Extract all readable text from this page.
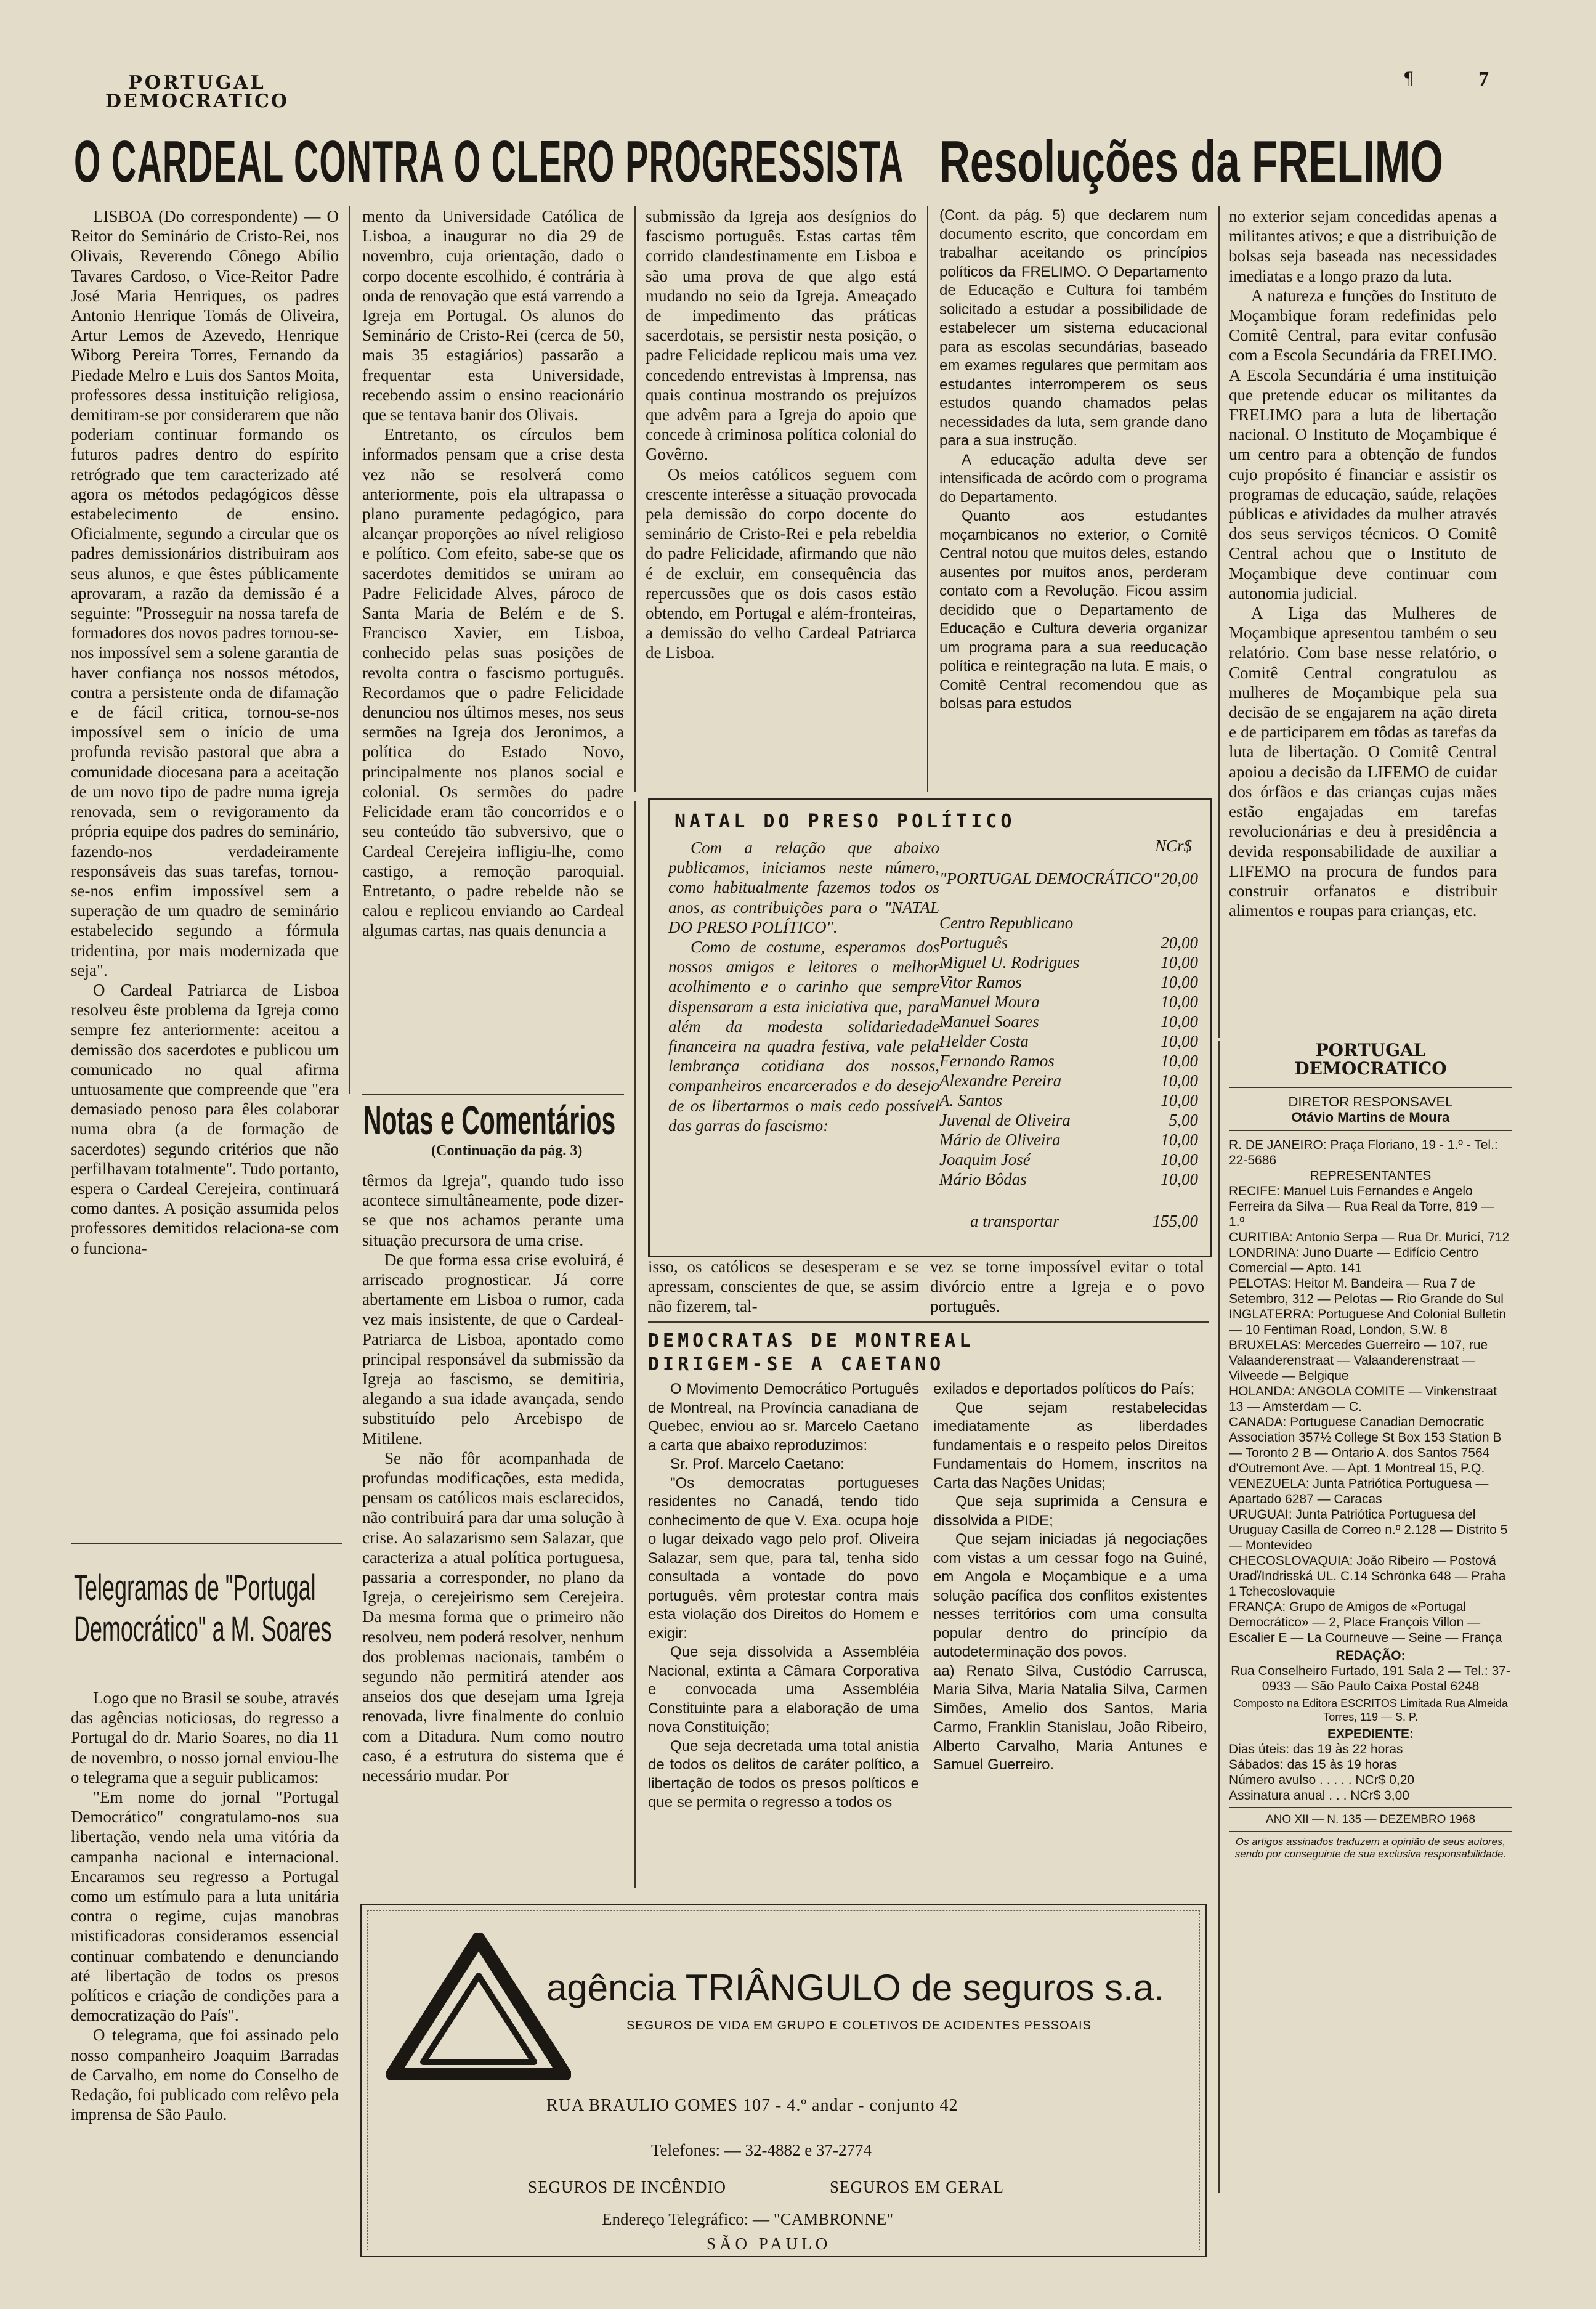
PORTUGAL
DEMOCRATICO
¶	7
O CARDEAL CONTRA O CLERO PROGRESSISTA Resoluções da FRELIMO

LISBOA (Do correspondente) — O Reitor do Seminário de Cristo-Rei, nos Olivais, Reverendo Cônego Abílio Tavares Cardoso, o Vice-Reitor Padre José Maria Henriques, os padres Antonio Henrique Tomás de Oliveira, Artur Lemos de Azevedo, Henrique Wiborg Pereira Torres, Fernando da Piedade Melro e Luis dos Santos Moita, professores dessa instituição religiosa, demitiram-se por considerarem que não poderiam continuar formando os futuros padres dentro do espírito retrógrado que tem caracterizado até agora os métodos pedagógicos dêsse estabelecimento de ensino. Oficialmente, segundo a circular que os padres demissionários distribuiram aos seus alunos, e que êstes públicamente aprovaram, a razão da demissão é a seguinte: "Prosseguir na nossa tarefa de formadores dos novos padres tornou-se-nos impossível sem a solene garantia de haver confiança nos nossos métodos, contra a persistente onda de difamação e de fácil critica, tornou-se-nos impossível sem o início de uma profunda revisão pastoral que abra a comunidade diocesana para a aceitação de um novo tipo de padre numa igreja renovada, sem o revigoramento da própria equipe dos padres do seminário, fazendo-nos verdadeiramente responsáveis das suas tarefas, tornou-se-nos enfim impossível sem a superação de um quadro de seminário estabelecido segundo a fórmula tridentina, por mais modernizada que seja".

O Cardeal Patriarca de Lisboa resolveu êste problema da Igreja como sempre fez anteriormente: aceitou a demissão dos sacerdotes e publicou um comunicado no qual afirma untuosamente que compreende que "era demasiado penoso para êles colaborar numa obra (a de formação de sacerdotes) segundo critérios que não perfilhavam totalmente". Tudo portanto, espera o Cardeal Cerejeira, continuará como dantes. A posição assumida pelos professores demitidos relaciona-se com o funciona-

mento da Universidade Católica de Lisboa, a inaugurar no dia 29 de novembro, cuja orientação, dado o corpo docente escolhido, é contrária à onda de renovação que está varrendo a Igreja em Portugal. Os alunos do Seminário de Cristo-Rei (cerca de 50, mais 35 estagiários) passarão a frequentar esta Universidade, recebendo assim o ensino reacionário que se tentava banir dos Olivais.

Entretanto, os círculos bem informados pensam que a crise desta vez não se resolverá como anteriormente, pois ela ultrapassa o plano puramente pedagógico, para alcançar proporções ao nível religioso e político. Com efeito, sabe-se que os sacerdotes demitidos se uniram ao Padre Felicidade Alves, pároco de Santa Maria de Belém e de S. Francisco Xavier, em Lisboa, conhecido pelas suas posições de revolta contra o fascismo português. Recordamos que o padre Felicidade denunciou nos últimos meses, nos seus sermões na Igreja dos Jeronimos, a política do Estado Novo, principalmente nos planos social e colonial. Os sermões do padre Felicidade eram tão concorridos e o seu conteúdo tão subversivo, que o Cardeal Cerejeira infligiu-lhe, como castigo, a remoção paroquial. Entretanto, o padre rebelde não se calou e replicou enviando ao Cardeal algumas cartas, nas quais denuncia a

submissão da Igreja aos desígnios do fascismo português. Estas cartas têm corrido clandestinamente em Lisboa e são uma prova de que algo está mudando no seio da Igreja. Ameaçado de impedimento das práticas sacerdotais, se persistir nesta posição, o padre Felicidade replicou mais uma vez concedendo entrevistas à Imprensa, nas quais continua mostrando os prejuízos que advêm para a Igreja do apoio que concede à criminosa política colonial do Govêrno.

Os meios católicos seguem com crescente interêsse a situação provocada pela demissão do corpo docente do seminário de Cristo-Rei e pela rebeldia do padre Felicidade, afirmando que não é de excluir, em consequência das repercussões que os dois casos estão obtendo, em Portugal e além-fronteiras, a demissão do velho Cardeal Patriarca de Lisboa.

(Cont. da pág. 5) que declarem num documento escrito, que concordam em trabalhar aceitando os princípios políticos da FRELIMO. O Departamento de Educação e Cultura foi também solicitado a estudar a possibilidade de estabelecer um sistema educacional para as escolas secundárias, baseado em exames regulares que permitam aos estudantes interromperem os seus estudos quando chamados pelas necessidades da luta, sem grande dano para a sua instrução.

A educação adulta deve ser intensificada de acôrdo com o programa do Departamento.

Quanto aos estudantes moçambicanos no exterior, o Comitê Central notou que muitos deles, estando ausentes por muitos anos, perderam contato com a Revolução. Ficou assim decidido que o Departamento de Educação e Cultura deveria organizar um programa para a sua reeducação política e reintegração na luta. E mais, o Comitê Central recomendou que as bolsas para estudos

no exterior sejam concedidas apenas a militantes ativos; e que a distribuição de bolsas seja baseada nas necessidades imediatas e a longo prazo da luta.

A natureza e funções do Instituto de Moçambique foram redefinidas pelo Comitê Central, para evitar confusão com a Escola Secundária da FRELIMO. A Escola Secundária é uma instituição que pretende educar os militantes da FRELIMO para a luta de libertação nacional. O Instituto de Moçambique é um centro para a obtenção de fundos cujo propósito é financiar e assistir os programas de educação, saúde, relações públicas e atividades da mulher através dos seus serviços técnicos. O Comitê Central achou que o Instituto de Moçambique deve continuar com autonomia judicial.

A Liga das Mulheres de Moçambique apresentou também o seu relatório. Com base nesse relatório, o Comitê Central congratulou as mulheres de Moçambique pela sua decisão de se engajarem na ação direta e de participarem em tôdas as tarefas da luta de libertação. O Comitê Central apoiou a decisão da LIFEMO de cuidar dos órfãos e das crianças cujas mães estão engajadas em tarefas revolucionárias e deu à presidência a devida responsabilidade de auxiliar a LIFEMO na procura de fundos para construir orfanatos e distribuir alimentos e roupas para crianças, etc.

NATAL DO PRESO POLÍTICO
NCr$

Com a relação que abaixo publicamos, iniciamos neste número, como habitualmente fazemos todos os anos, as contribuições para o "NATAL DO PRESO POLÍTICO".

Como de costume, esperamos dos nossos amigos e leitores o melhor acolhimento e o carinho que sempre dispensaram a esta iniciativa que, para além da modesta solidariedade financeira na quadra festiva, vale pela lembrança cotidiana dos nossos, companheiros encarcerados e do desejo de os libertarmos o mais cedo possível das garras do fascismo:

"PORTUGAL DEMOCRÁTICO" 20,00
Centro Republicano Português	20,00
Miguel U. Rodrigues	10,00
Vitor Ramos	10,00
Manuel Moura	10,00
Manuel Soares	10,00
Helder Costa	10,00
Fernando Ramos	10,00
Alexandre Pereira	10,00
A. Santos	10,00
Juvenal de Oliveira	5,00
Mário de Oliveira	10,00
Joaquim José	10,00
Mário Bôdas	10,00
a transportar	155,00
Notas e Comentários
(Continuação da pág. 3)

têrmos da Igreja", quando tudo isso acontece simultâneamente, pode dizer-se que nos achamos perante uma situação precursora de uma crise.

De que forma essa crise evoluirá, é arriscado prognosticar. Já corre abertamente em Lisboa o rumor, cada vez mais insistente, de que o Cardeal-Patriarca de Lisboa, apontado como principal responsável da submissão da Igreja ao fascismo, se demitiria, alegando a sua idade avançada, sendo substituído pelo Arcebispo de Mitilene.

Se não fôr acompanhada de profundas modificações, esta medida, pensam os católicos mais esclarecidos, não contribuirá para dar uma solução à crise. Ao salazarismo sem Salazar, que caracteriza a atual política portuguesa, passaria a corresponder, no plano da Igreja, o cerejeirismo sem Cerejeira. Da mesma forma que o primeiro não resolveu, nem poderá resolver, nenhum dos problemas nacionais, também o segundo não permitirá atender aos anseios dos que desejam uma Igreja renovada, livre finalmente do conluio com a Ditadura. Num como noutro caso, é a estrutura do sistema que é necessário mudar. Por

isso, os católicos se desesperam e se apressam, conscientes de que, se assim não fizerem, tal-
vez se torne impossível evitar o total divórcio entre a Igreja e o povo português.
DEMOCRATAS DE MONTREAL DIRIGEM-SE A CAETANO

O Movimento Democrático Português de Montreal, na Província canadiana de Quebec, enviou ao sr. Marcelo Caetano a carta que abaixo reproduzimos:

Sr. Prof. Marcelo Caetano:

"Os democratas portugueses residentes no Canadá, tendo tido conhecimento de que V. Exa. ocupa hoje o lugar deixado vago pelo prof. Oliveira Salazar, sem que, para tal, tenha sido consultada a vontade do povo português, vêm protestar contra mais esta violação dos Direitos do Homem e exigir:

Que seja dissolvida a Assembléia Nacional, extinta a Câmara Corporativa e convocada uma Assembléia Constituinte para a elaboração de uma nova Constituição;

Que seja decretada uma total anistia de todos os delitos de caráter político, a libertação de todos os presos políticos e que se permita o regresso a todos os

exilados e deportados políticos do País;

Que sejam restabelecidas imediatamente as liberdades fundamentais e o respeito pelos Direitos Fundamentais do Homem, inscritos na Carta das Nações Unidas;

Que seja suprimida a Censura e dissolvida a PIDE;

Que sejam iniciadas já negociações com vistas a um cessar fogo na Guiné, em Angola e Moçambique e a uma solução pacífica dos conflitos existentes nesses territórios com uma consulta popular dentro do princípio da autodeterminação dos povos.

aa) Renato Silva, Custódio Carrusca, Maria Silva, Maria Natalia Silva, Carmen Simões, Amelio dos Santos, Maria Carmo, Franklin Stanislau, João Ribeiro, Alberto Carvalho, Maria Antunes e Samuel Guerreiro.

Telegramas de "Portugal
Democrático" a M. Soares

Logo que no Brasil se soube, através das agências noticiosas, do regresso a Portugal do dr. Mario Soares, no dia 11 de novembro, o nosso jornal enviou-lhe o telegrama que a seguir publicamos:

"Em nome do jornal "Portugal Democrático" congratulamo-nos sua libertação, vendo nela uma vitória da campanha nacional e internacional. Encaramos seu regresso a Portugal como um estímulo para a luta unitária contra o regime, cujas manobras mistificadoras consideramos essencial continuar combatendo e denunciando até libertação de todos os presos políticos e criação de condições para a democratização do País".

O telegrama, que foi assinado pelo nosso companheiro Joaquim Barradas de Carvalho, em nome do Conselho de Redação, foi publicado com relêvo pela imprensa de São Paulo.

PORTUGAL
DEMOCRATICO
DIRETOR RESPONSAVEL
Otávio Martins de Moura
R. DE JANEIRO: Praça Floriano, 19 - 1.º - Tel.: 22-5686
REPRESENTANTES
RECIFE: Manuel Luis Fernandes e Angelo Ferreira da Silva — Rua Real da Torre, 819 — 1.º
CURITIBA: Antonio Serpa — Rua Dr. Muricí, 712
LONDRINA: Juno Duarte — Edifício Centro Comercial — Apto. 141
PELOTAS: Heitor M. Bandeira — Rua 7 de Setembro, 312 — Pelotas — Rio Grande do Sul
INGLATERRA: Portuguese And Colonial Bulletin — 10 Fentiman Road, London, S.W. 8
BRUXELAS: Mercedes Guerreiro — 107, rue Valaanderenstraat — Valaanderenstraat — Vilveede — Belgique
HOLANDA: ANGOLA COMITE — Vinkenstraat 13 — Amsterdam — C.
CANADA: Portuguese Canadian Democratic Association 357½ College St Box 153 Station B — Toronto 2 B — Ontario A. dos Santos 7564 d'Outremont Ave. — Apt. 1 Montreal 15, P.Q.
VENEZUELA: Junta Patriótica Portuguesa — Apartado 6287 — Caracas
URUGUAI: Junta Patriótica Portuguesa del Uruguay Casilla de Correo n.º 2.128 — Distrito 5 — Montevideo
CHECOSLOVAQUIA: João Ribeiro — Postová Uraď/Indrisská UL. C.14 Schrönka 648 — Praha 1 Tchecoslovaquie
FRANÇA: Grupo de Amigos de «Portugal Democrático» — 2, Place François Villon — Escalier E — La Courneuve — Seine — França
REDAÇÃO:
Rua Conselheiro Furtado, 191 Sala 2 — Tel.: 37-0933 — São Paulo Caixa Postal 6248
Composto na Editora ESCRITOS Limitada Rua Almeida Torres, 119 — S. P.
EXPEDIENTE:
Dias úteis: das 19 às 22 horas
Sábados: das 15 às 19 horas
Número avulso . . . . . NCr$ 0,20
Assinatura anual . . . NCr$ 3,00
ANO XII — N. 135 — DEZEMBRO 1968
Os artigos assinados traduzem a opinião de seus autores, sendo por conseguinte de sua exclusiva responsabilidade.
agência TRIÂNGULO de seguros s.a.
SEGUROS DE VIDA EM GRUPO E COLETIVOS DE ACIDENTES PESSOAIS
RUA BRAULIO GOMES 107 - 4.º andar - conjunto 42
Telefones: — 32-4882 e 37-2774
SEGUROS DE INCÊNDIO	SEGUROS EM GERAL
Endereço Telegráfico: — "CAMBRONNE"
SÃO PAULO
